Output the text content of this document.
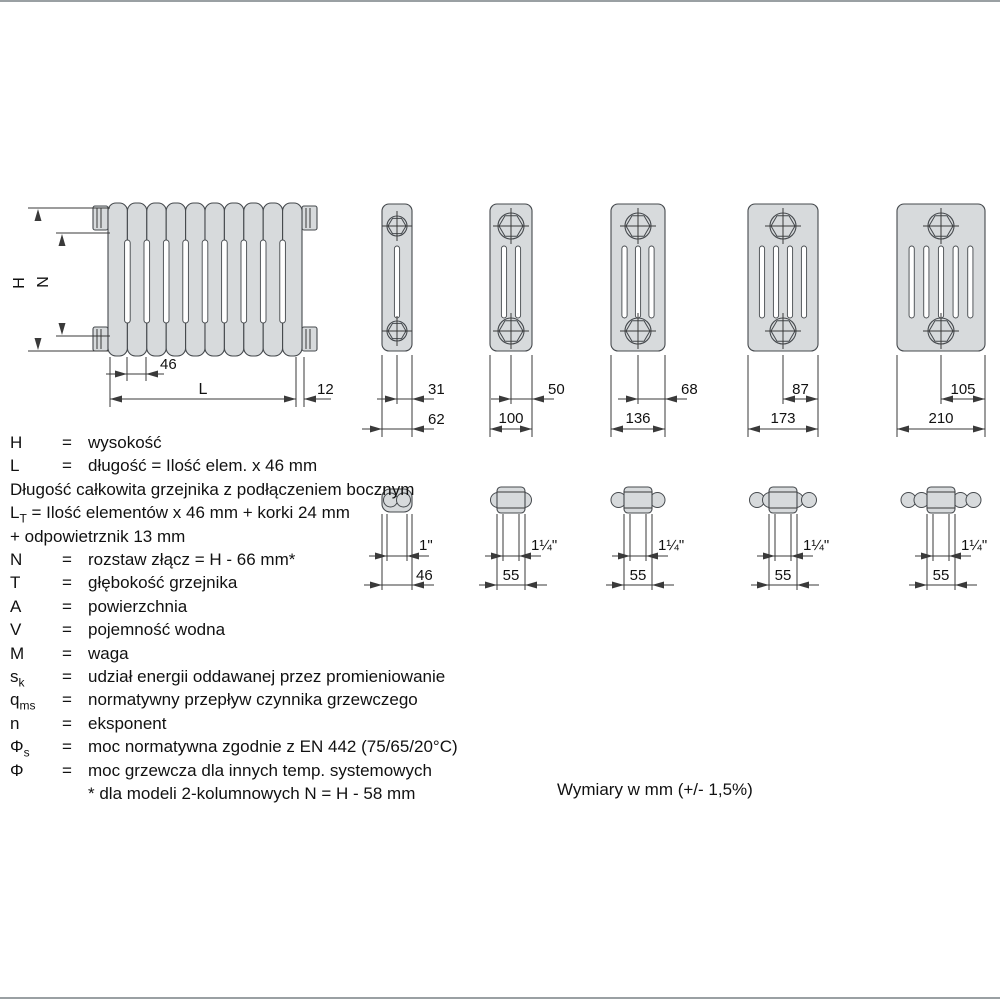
H N
46
L	12	31
62
1"
46
50
100
1¼"
55
68
136
1¼"
55
87
173
1¼"
55
105
210
1¼"
55
H	= wysokość
L	= długość = Ilość elem. x 46 mm
Długość całkowita grzejnika z podłączeniem bocznym
$L_T$ = Ilość elementów x 46 mm + korki 24 mm
+ odpowietrznik 13 mm
N	= rozstaw złącz = H - 66 mm*
T	= głębokość grzejnika
A	= powierzchnia
V	= pojemność wodna
M	= waga
$s_k$	= udział energii oddawanej przez promieniowanie
$q_{ms}$	= normatywny przepływ czynnika grzewczego
n	= eksponent
$\Phi_s$	= moc normatywna zgodnie z EN 442 (75/65/20°C)
Φ	= moc grzewcza dla innych temp. systemowych
* dla modeli 2-kolumnowych N = H - 58 mm	Wymiary w mm (+/- 1,5%)
